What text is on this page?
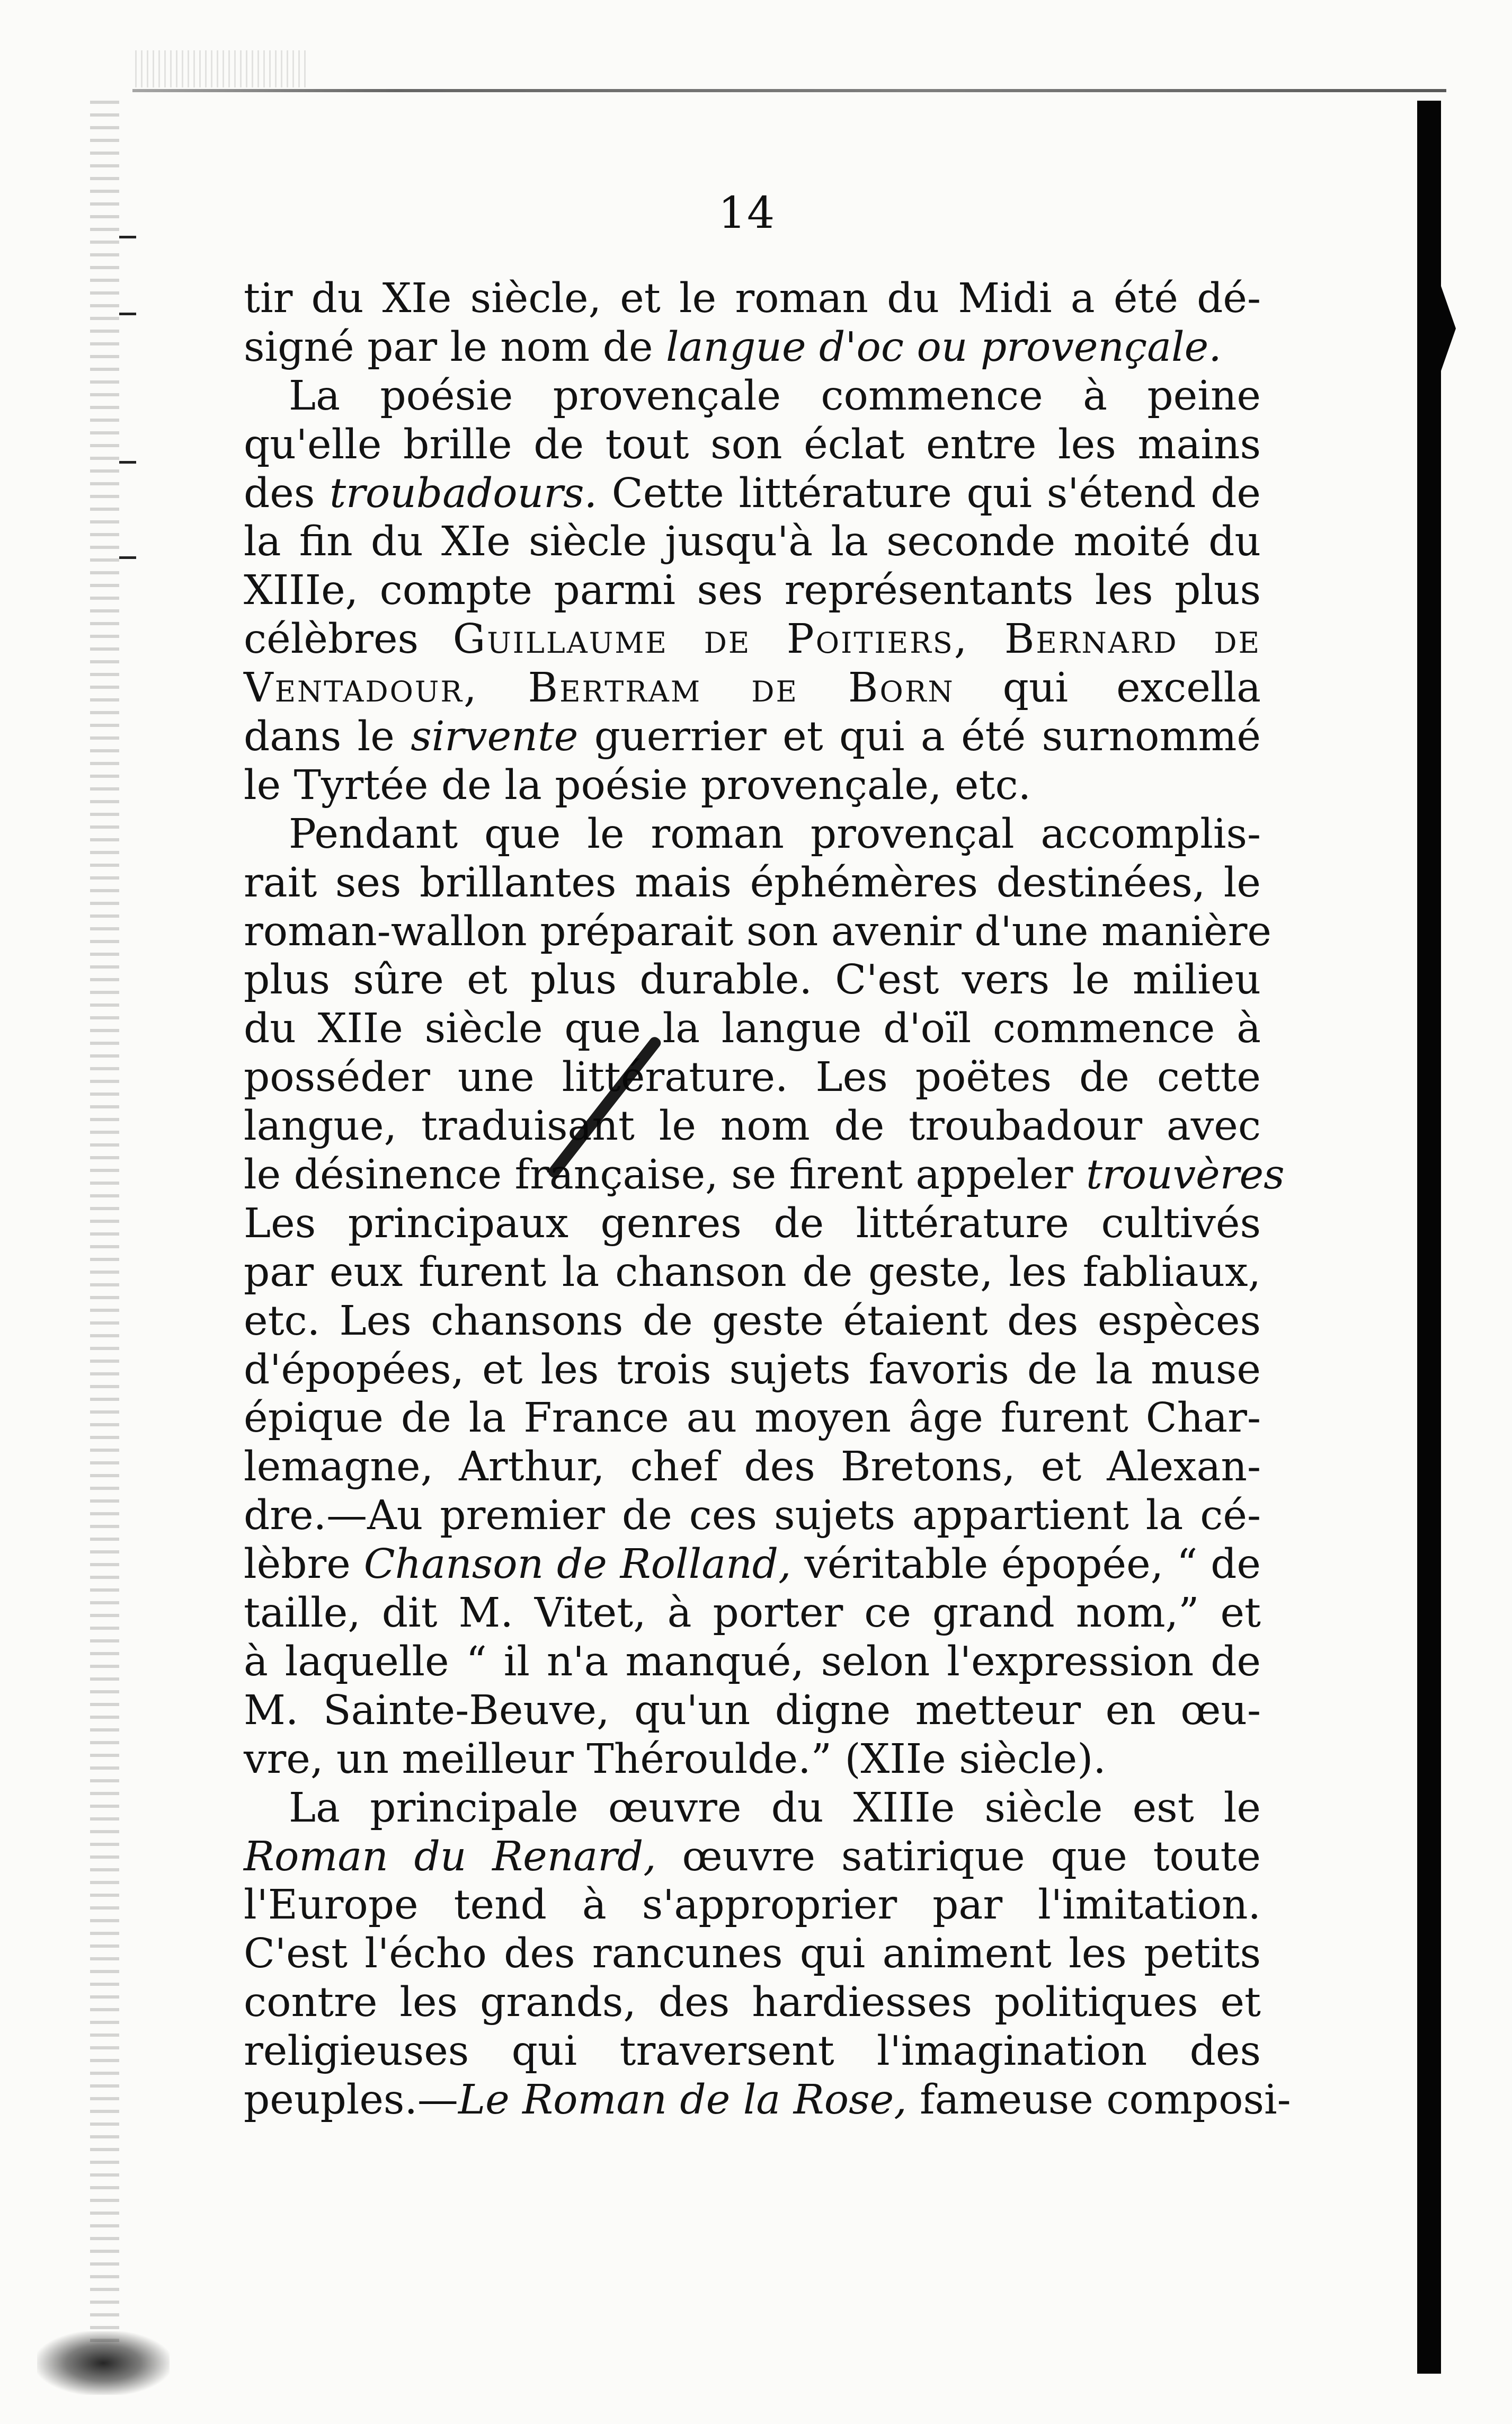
14
tir du XIe siècle, et le roman du Midi a été dé-
signé par le nom de langue d'oc ou provençale.
La poésie provençale commence à peine
qu'elle brille de tout son éclat entre les mains
des troubadours. Cette littérature qui s'étend de
la fin du XIe siècle jusqu'à la seconde moité du
XIIIe, compte parmi ses représentants les plus
célèbres Guillaume de Poitiers, Bernard de
Ventadour, Bertram de Born qui excella
dans le sirvente guerrier et qui a été surnommé
le Tyrtée de la poésie provençale, etc.
Pendant que le roman provençal accomplis-
rait ses brillantes mais éphémères destinées, le
roman-wallon préparait son avenir d'une manière
plus sûre et plus durable. C'est vers le milieu
du XIIe siècle que la langue d'oïl commence à
posséder une littérature. Les poëtes de cette
langue, traduisant le nom de troubadour avec
le désinence française, se firent appeler trouvères
Les principaux genres de littérature cultivés
par eux furent la chanson de geste, les fabliaux,
etc. Les chansons de geste étaient des espèces
d'épopées, et les trois sujets favoris de la muse
épique de la France au moyen âge furent Char-
lemagne, Arthur, chef des Bretons, et Alexan-
dre.—Au premier de ces sujets appartient la cé-
lèbre Chanson de Rolland, véritable épopée, “ de
taille, dit M. Vitet, à porter ce grand nom,” et
à laquelle “ il n'a manqué, selon l'expression de
M. Sainte-Beuve, qu'un digne metteur en œu-
vre, un meilleur Théroulde.” (XIIe siècle).
La principale œuvre du XIIIe siècle est le
Roman du Renard, œuvre satirique que toute
l'Europe tend à s'approprier par l'imitation.
C'est l'écho des rancunes qui animent les petits
contre les grands, des hardiesses politiques et
religieuses qui traversent l'imagination des
peuples.—Le Roman de la Rose, fameuse composi-
